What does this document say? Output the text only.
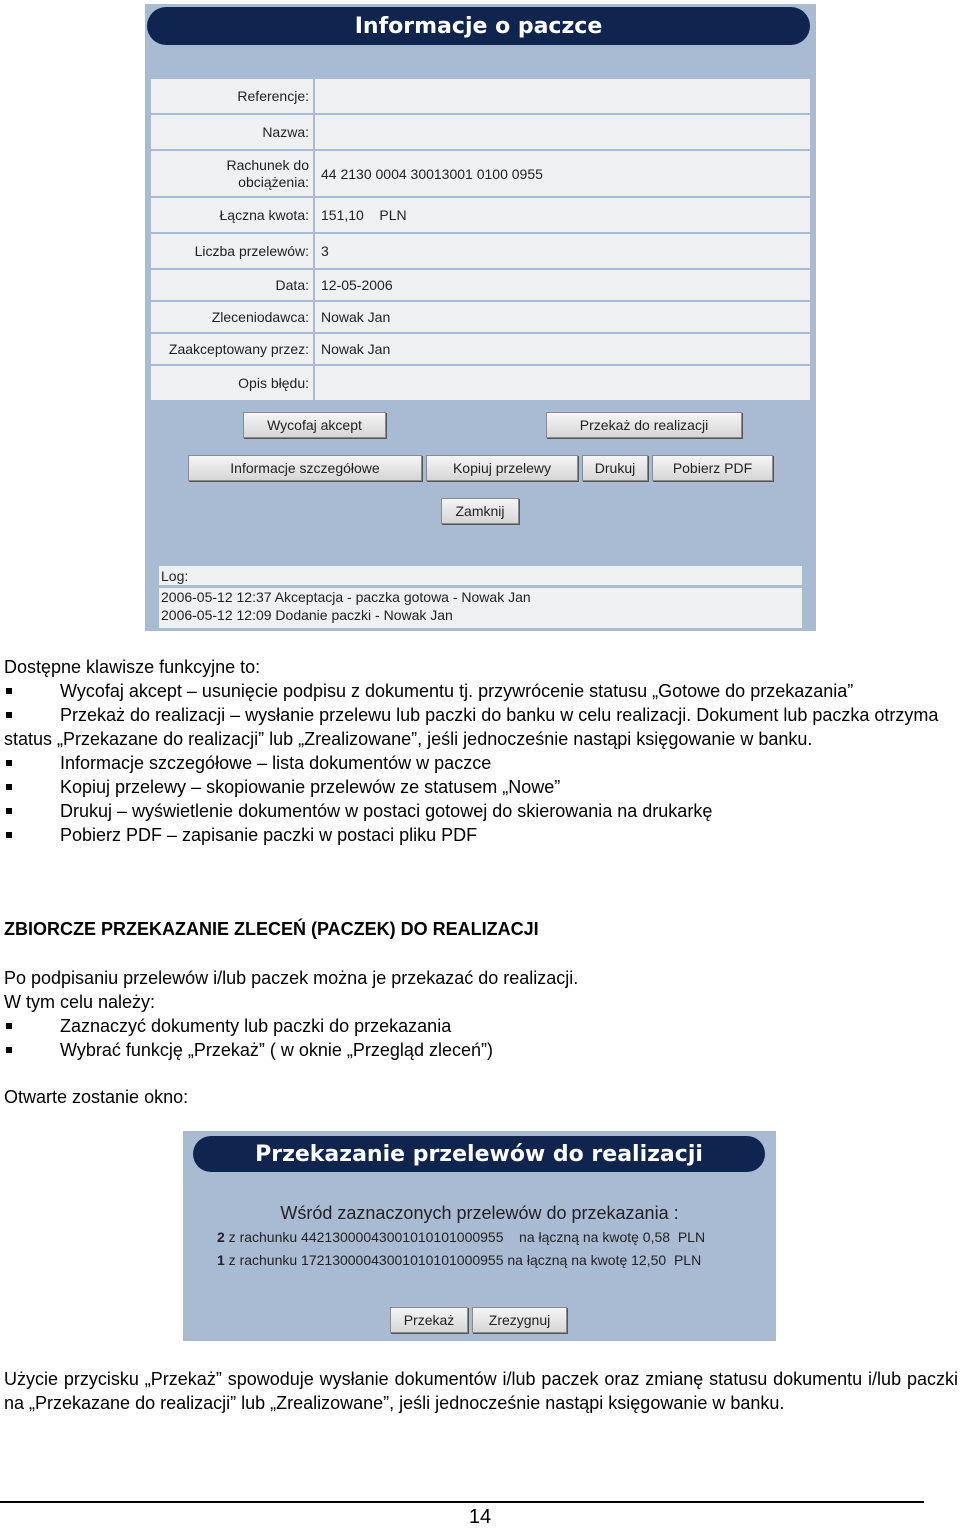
Informacje o paczce
Referencje:
Nazwa:
Rachunek do obciążenia: 44 2130 0004 30013001 0100 0955
Łączna kwota: 151,10    PLN
Liczba przelewów: 3
Data: 12-05-2006
Zleceniodawca: Nowak Jan
Zaakceptowany przez: Nowak Jan
Opis błędu:
Wycofaj akcept	Przekaż do realizacji
Informacje szczegółowe	Kopiuj przelewy	Drukuj	Pobierz PDF
Zamknij
Log:
2006-05-12 12:37 Akceptacja - paczka gotowa - Nowak Jan
2006-05-12 12:09 Dodanie paczki - Nowak Jan

Dostępne klawisze funkcyjne to:

Wycofaj akcept – usunięcie podpisu z dokumentu tj. przywrócenie statusu „Gotowe do przekazania”

Przekaż do realizacji – wysłanie przelewu lub paczki do banku w celu realizacji. Dokument lub paczka otrzyma status „Przekazane do realizacji” lub „Zrealizowane”, jeśli jednocześnie nastąpi księgowanie w banku.

Informacje szczegółowe – lista dokumentów w paczce

Kopiuj przelewy – skopiowanie przelewów ze statusem „Nowe”

Drukuj – wyświetlenie dokumentów w postaci gotowej do skierowania na drukarkę

Pobierz PDF – zapisanie paczki w postaci pliku PDF

ZBIORCZE PRZEKAZANIE ZLECEŃ (PACZEK) DO REALIZACJI

Po podpisaniu przelewów i/lub paczek można je przekazać do realizacji.

W tym celu należy:

Zaznaczyć dokumenty lub paczki do przekazania

Wybrać funkcję „Przekaż” ( w oknie „Przegląd zleceń”)

Otwarte zostanie okno:
Przekazanie przelewów do realizacji
Wśród zaznaczonych przelewów do przekazania :
2 z rachunku 44213000043001010101000955    na łączną na kwotę 0,58  PLN
1 z rachunku 17213000043001010101000955 na łączną na kwotę 12,50  PLN
Przekaż	Zrezygnuj
Użycie przycisku „Przekaż” spowoduje wysłanie dokumentów i/lub paczek oraz zmianę statusu dokumentu i/lub paczki na „Przekazane do realizacji” lub „Zrealizowane”, jeśli jednocześnie nastąpi księgowanie w banku.
14
